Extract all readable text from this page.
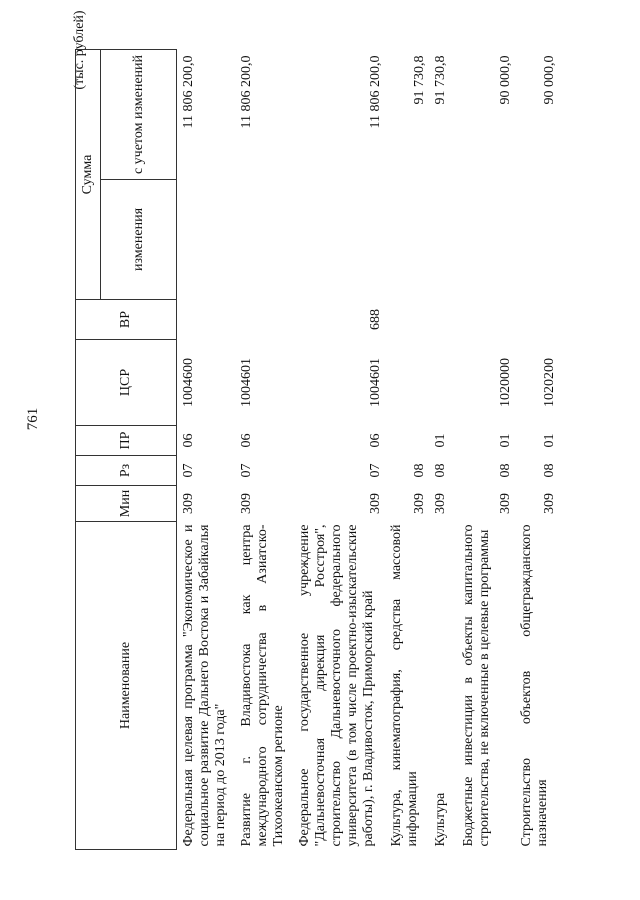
761
(тыс. рублей)
Наименование	Мин	Рз	ПР	ЦСР	ВР	Сумма	
						изменения	с учетом изменений
Федеральная целевая программа "Экономическое и социальное развитие Дальнего Востока и Забайкалья на период до 2013 года"	309	07	06	1004600			11 806 200,0
Развитие г. Владивостока как центра международного сотрудничества в Азиатско-Тихоокеанском регионе	309	07	06	1004601			11 806 200,0
Федеральное государственное учреждение "Дальневосточная дирекция Росстроя", строительство Дальневосточного федерального университета (в том числе проектно-изыскательские работы), г. Владивосток, Приморский край	309	07	06	1004601	688		11 806 200,0
Культура, кинематография, средства массовой информации	309	08					91 730,8
Культура	309	08	01				91 730,8
Бюджетные инвестиции в объекты капитального строительства, не включенные в целевые программы	309	08	01	1020000			90 000,0
Строительство объектов общегражданского назначения	309	08	01	1020200			90 000,0
